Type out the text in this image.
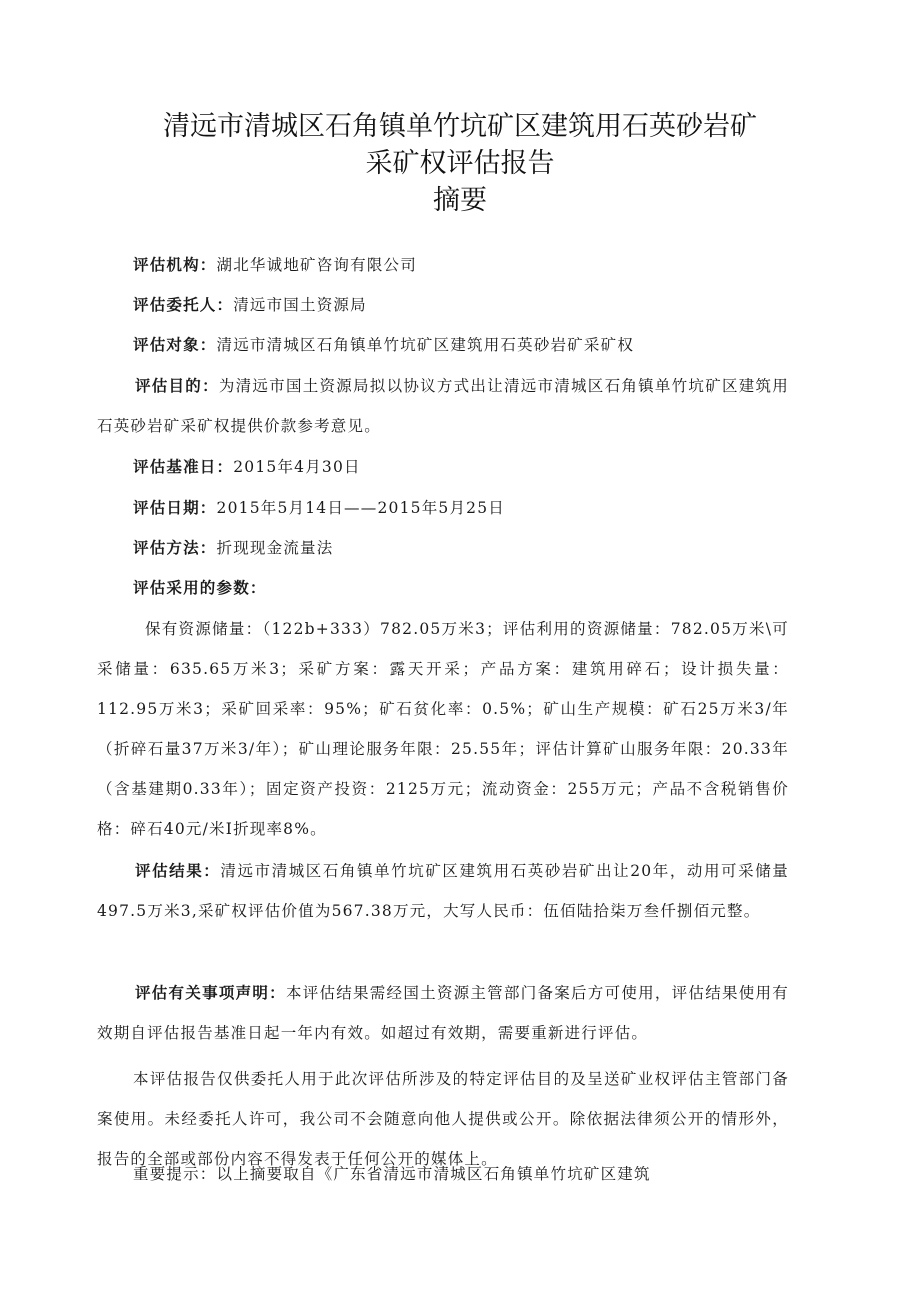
清远市清城区石角镇单竹坑矿区建筑用石英砂岩矿
采矿权评估报告
摘要
评估机构：湖北华诚地矿咨询有限公司
评估委托人：清远市国土资源局
评估对象：清远市清城区石角镇单竹坑矿区建筑用石英砂岩矿采矿权
评估目的：为清远市国土资源局拟以协议方式出让清远市清城区石角镇单竹坑矿区建筑用石英砂岩矿采矿权提供价款参考意见。
评估基准日：2015年4月30日
评估日期：2015年5月14日——2015年5月25日
评估方法：折现现金流量法
评估采用的参数：
保有资源储量：（122b+333）782.05万米3；评估利用的资源储量：782.05万米\可采储量：635.65万米3；采矿方案：露天开采；产品方案：建筑用碎石；设计损失量：112.95万米3；采矿回采率：95%；矿石贫化率：0.5%；矿山生产规模：矿石25万米3/年（折碎石量37万米3/年）；矿山理论服务年限：25.55年；评估计算矿山服务年限：20.33年（含基建期0.33年）；固定资产投资：2125万元；流动资金：255万元；产品不含税销售价格：碎石40元/米I折现率8%。
评估结果：清远市清城区石角镇单竹坑矿区建筑用石英砂岩矿出让20年，动用可采储量497.5万米3,采矿权评估价值为567.38万元，大写人民币：伍佰陆拾柒万叁仟捌佰元整。
评估有关事项声明：本评估结果需经国土资源主管部门备案后方可使用，评估结果使用有效期自评估报告基准日起一年内有效。如超过有效期，需要重新进行评估。
本评估报告仅供委托人用于此次评估所涉及的特定评估目的及呈送矿业权评估主管部门备案使用。未经委托人许可，我公司不会随意向他人提供或公开。除依据法律须公开的情形外，报告的全部或部份内容不得发表于任何公开的媒体上。
重要提示：以上摘要取自《广东省清远市清城区石角镇单竹坑矿区建筑
